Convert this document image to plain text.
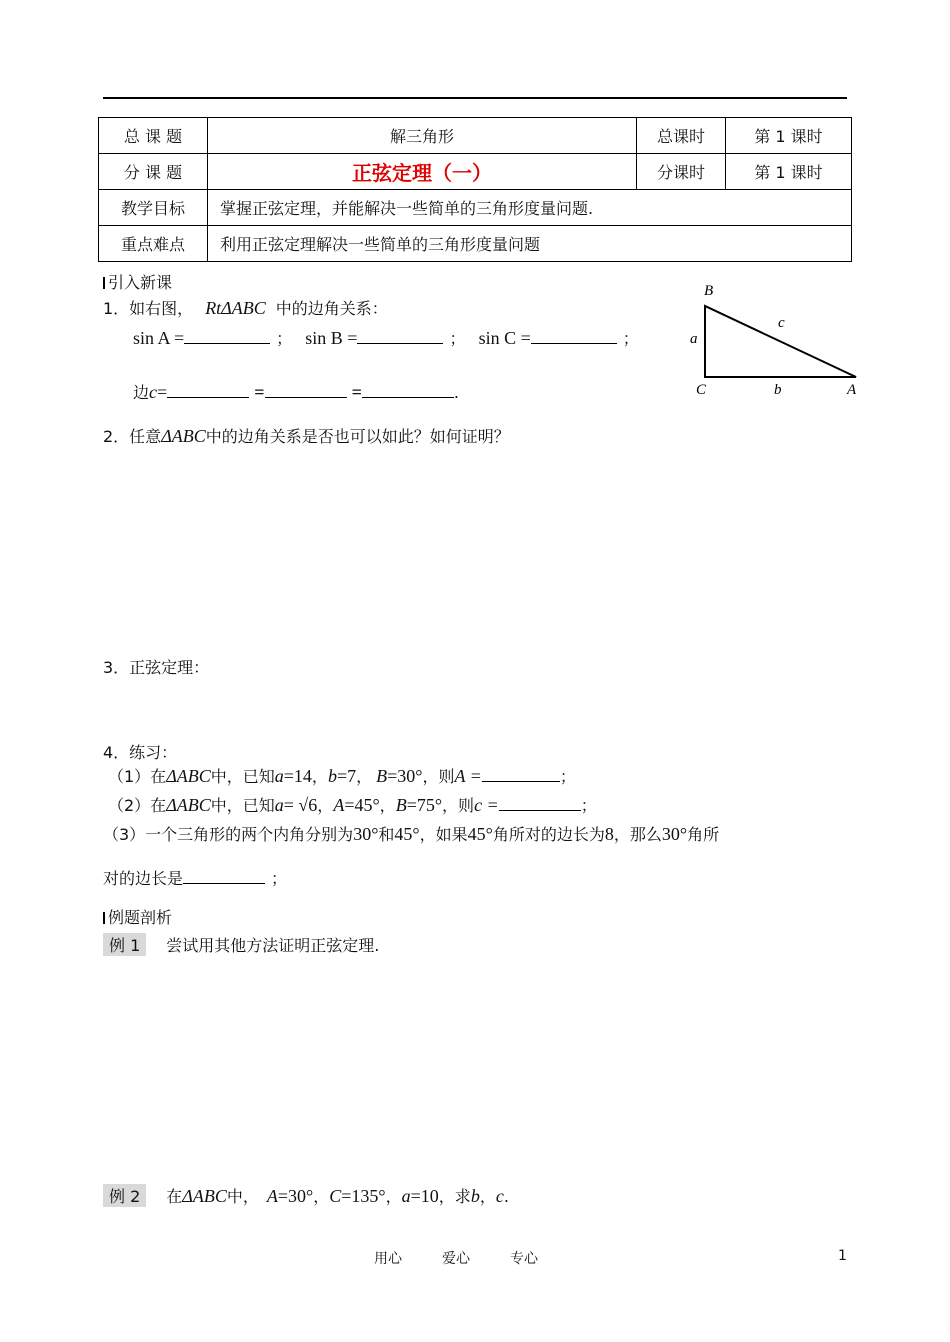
总 课 题	解三角形	总课时	第 1 课时
分 课 题	正弦定理（一）	分课时	第 1 课时
教学目标	掌握正弦定理，并能解决一些简单的三角形度量问题.		
重点难点	利用正弦定理解决一些简单的三角形度量问题		
引入新课
1．如右图， RtΔABC 中的边角关系：
sin A =	； sin B =	； sin C =	；
边c=	=	=	.
B
C	A
a
b
c
2．任意ΔABC中的边角关系是否也可以如此？如何证明？
3．正弦定理：
4．练习：
（1）在ΔABC中，已知a=14，b=7， B=30°，则A =	；
（2）在ΔABC中，已知a= √6，A=45°，B=75°，则c =	；
（3）一个三角形的两个内角分别为30°和45°，如果45°角所对的边长为8，那么30°角所
对的边长是	；
例题剖析
例 1 尝试用其他方法证明正弦定理.
例 2 在ΔABC中， A=30°，C=135°，a=10，求b，c.
用心	爱心	专心	1
